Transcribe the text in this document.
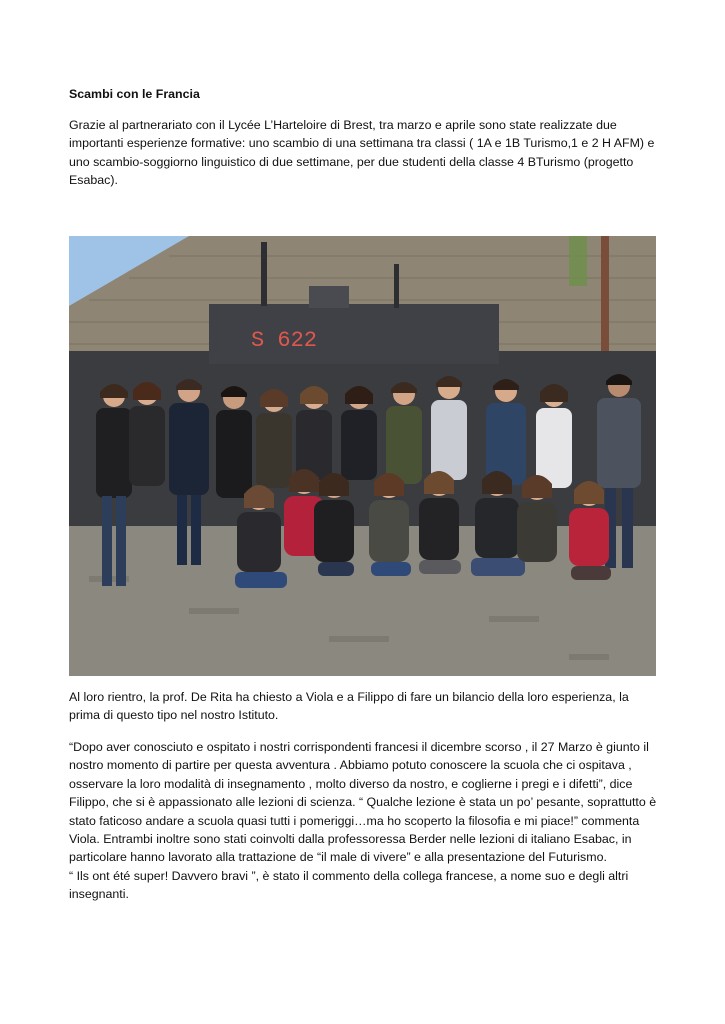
Scambi con le Francia

Grazie al partnerariato con il Lycée L’Harteloire di Brest, tra marzo e aprile sono state realizzate due
importanti esperienze formative: uno scambio di una settimana tra classi ( 1A e 1B Turismo,1 e 2 H AFM) e
uno scambio-soggiorno linguistico di due settimane, per due studenti della classe 4 BTurismo (progetto
Esabac).

S 622

Al loro rientro, la prof. De Rita ha chiesto a Viola e a Filippo di fare un bilancio della loro esperienza, la
prima di questo tipo nel nostro Istituto.

“Dopo aver conosciuto e ospitato i nostri corrispondenti francesi il dicembre scorso , il 27 Marzo è giunto il
nostro momento di partire per questa avventura . Abbiamo potuto conoscere la scuola che ci ospitava ,
osservare la loro modalità di insegnamento , molto diverso da nostro, e coglierne i pregi e i difetti”, dice
Filippo, che si è appassionato alle lezioni di scienza. “ Qualche lezione è stata un po’ pesante, soprattutto è
stato faticoso andare a scuola quasi tutti i pomeriggi…ma ho scoperto la filosofia e mi piace!” commenta
Viola. Entrambi inoltre sono stati coinvolti dalla professoressa Berder nelle lezioni di italiano Esabac, in
particolare hanno lavorato alla trattazione de “il male di vivere” e alla presentazione del Futurismo.
“ Ils ont été super! Davvero bravi ”, è stato il commento della collega francese, a nome suo e degli altri
insegnanti.
